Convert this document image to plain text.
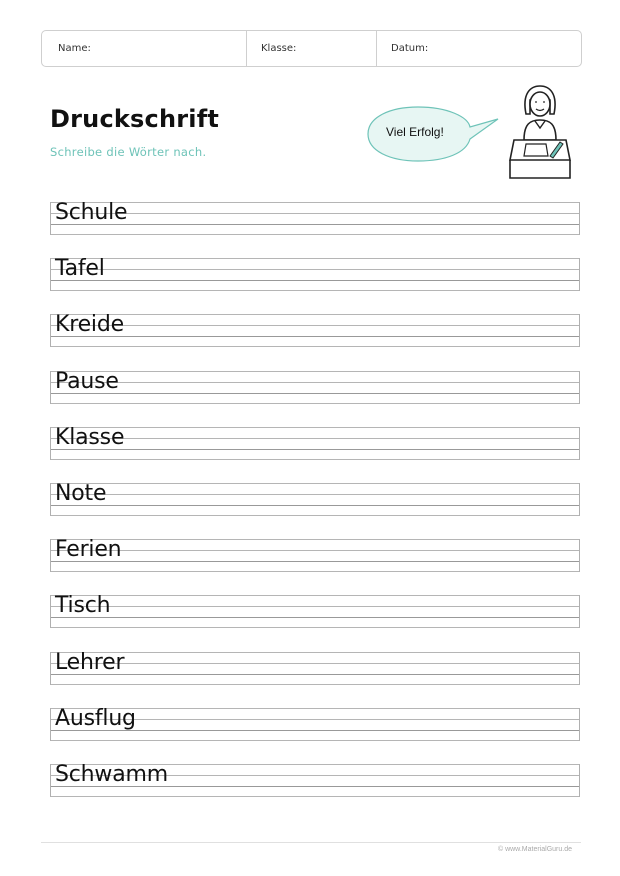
Name:	Klasse:	Datum:
Druckschrift
Schreibe die Wörter nach.
Viel Erfolg!
Schule
Tafel
Kreide
Pause
Klasse
Note
Ferien
Tisch
Lehrer
Ausflug
Schwamm
© www.MaterialGuru.de
